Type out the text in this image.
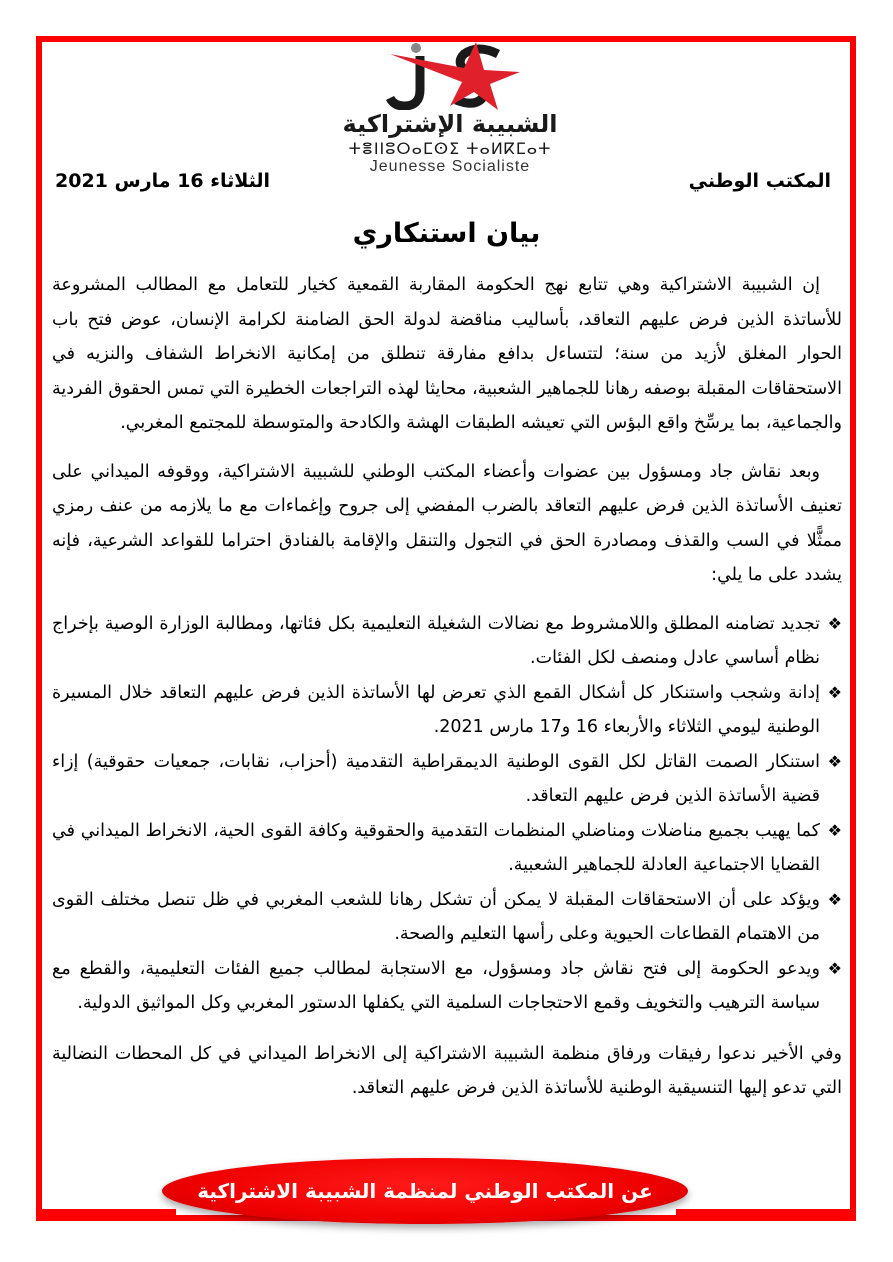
الشبيبة الإشتراكية
ⵜⴻⵏⵏⵓⵔⴰⵎⵙⵉ ⵜⴰⵍⴽⵎⴰⵜ
Jeunesse Socialiste
المكتب الوطني
الثلاثاء 16 مارس 2021
بيان استنكاري

إن الشبيبة الاشتراكية وهي تتابع نهج الحكومة المقاربة القمعية كخيار للتعامل مع المطالب المشروعة للأساتذة الذين فرض عليهم التعاقد، بأساليب مناقضة لدولة الحق الضامنة لكرامة الإنسان، عوض فتح باب الحوار المغلق لأزيد من سنة؛ لتتساءل بدافع مفارقة تنطلق من إمكانية الانخراط الشفاف والنزيه في الاستحقاقات المقبلة بوصفه رهانا للجماهير الشعبية، محايثا لهذه التراجعات الخطيرة التي تمس الحقوق الفردية والجماعية، بما يرسِّخ واقع البؤس التي تعيشه الطبقات الهشة والكادحة والمتوسطة للمجتمع المغربي.

وبعد نقاش جاد ومسؤول بين عضوات وأعضاء المكتب الوطني للشبيبة الاشتراكية، ووقوفه الميداني على تعنيف الأساتذة الذين فرض عليهم التعاقد بالضرب المفضي إلى جروح وإغماءات مع ما يلازمه من عنف رمزي ممثًّلا في السب والقذف ومصادرة الحق في التجول والتنقل والإقامة بالفنادق احتراما للقواعد الشرعية، فإنه يشدد على ما يلي:

❖
تجديد تضامنه المطلق واللامشروط مع نضالات الشغيلة التعليمية بكل فئاتها، ومطالبة الوزارة الوصية بإخراج نظام أساسي عادل ومنصف لكل الفئات.
❖
إدانة وشجب واستنكار كل أشكال القمع الذي تعرض لها الأساتذة الذين فرض عليهم التعاقد خلال المسيرة الوطنية ليومي الثلاثاء والأربعاء 16 و17 مارس 2021.
❖
استنكار الصمت القاتل لكل القوى الوطنية الديمقراطية التقدمية (أحزاب، نقابات، جمعيات حقوقية) إزاء قضية الأساتذة الذين فرض عليهم التعاقد.
❖
كما يهيب بجميع مناضلات ومناضلي المنظمات التقدمية والحقوقية وكافة القوى الحية، الانخراط الميداني في القضايا الاجتماعية العادلة للجماهير الشعبية.
❖
ويؤكد على أن الاستحقاقات المقبلة لا يمكن أن تشكل رهانا للشعب المغربي في ظل تنصل مختلف القوى من الاهتمام القطاعات الحيوية وعلى رأسها التعليم والصحة.
❖
ويدعو الحكومة إلى فتح نقاش جاد ومسؤول، مع الاستجابة لمطالب جميع الفئات التعليمية، والقطع مع سياسة الترهيب والتخويف وقمع الاحتجاجات السلمية التي يكفلها الدستور المغربي وكل المواثيق الدولية.

وفي الأخير ندعوا رفيقات ورفاق منظمة الشبيبة الاشتراكية إلى الانخراط الميداني في كل المحطات النضالية التي تدعو إليها التنسيقية الوطنية للأساتذة الذين فرض عليهم التعاقد.

عن المكتب الوطني لمنظمة الشبيبة الاشتراكية
